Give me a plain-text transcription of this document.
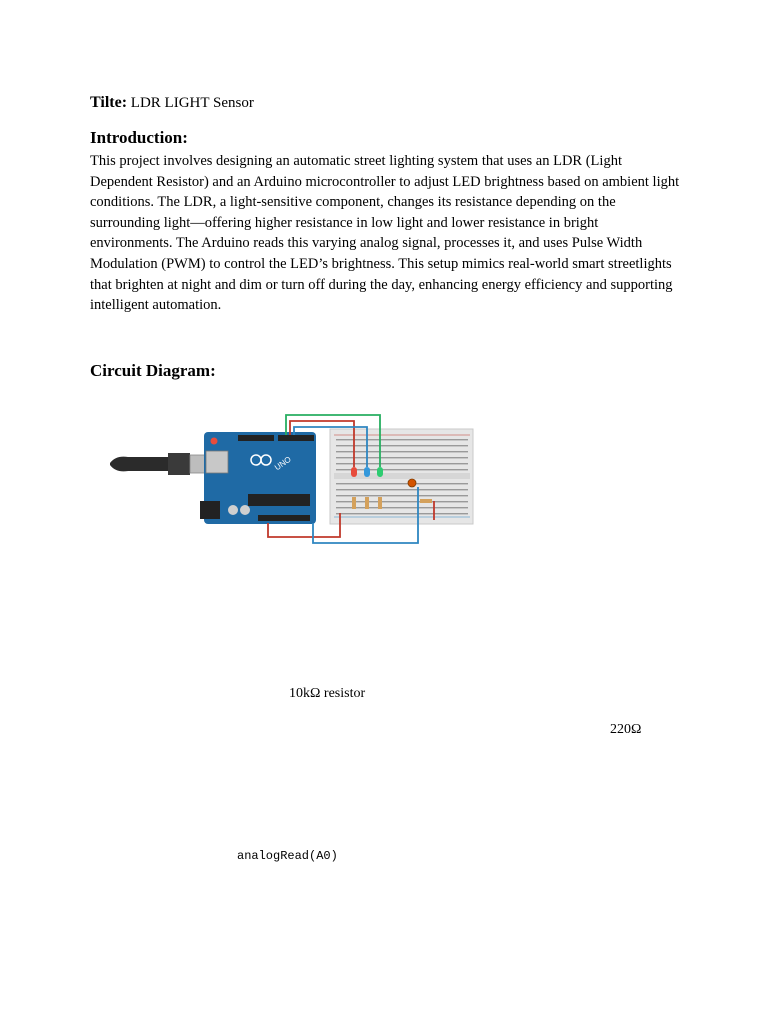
Tilte: LDR LIGHT Sensor
Introduction:
This project involves designing an automatic street lighting system that uses an LDR (Light Dependent Resistor) and an Arduino microcontroller to adjust LED brightness based on ambient light conditions. The LDR, a light-sensitive component, changes its resistance depending on the surrounding light—offering higher resistance in low light and lower resistance in bright environments. The Arduino reads this varying analog signal, processes it, and uses Pulse Width Modulation (PWM) to control the LED’s brightness. This setup mimics real-world smart streetlights that brighten at night and dim or turn off during the day, enhancing energy efficiency and supporting intelligent automation.
Circuit Diagram:
UNO
10kΩ resistor
220Ω
analogRead(A0)
